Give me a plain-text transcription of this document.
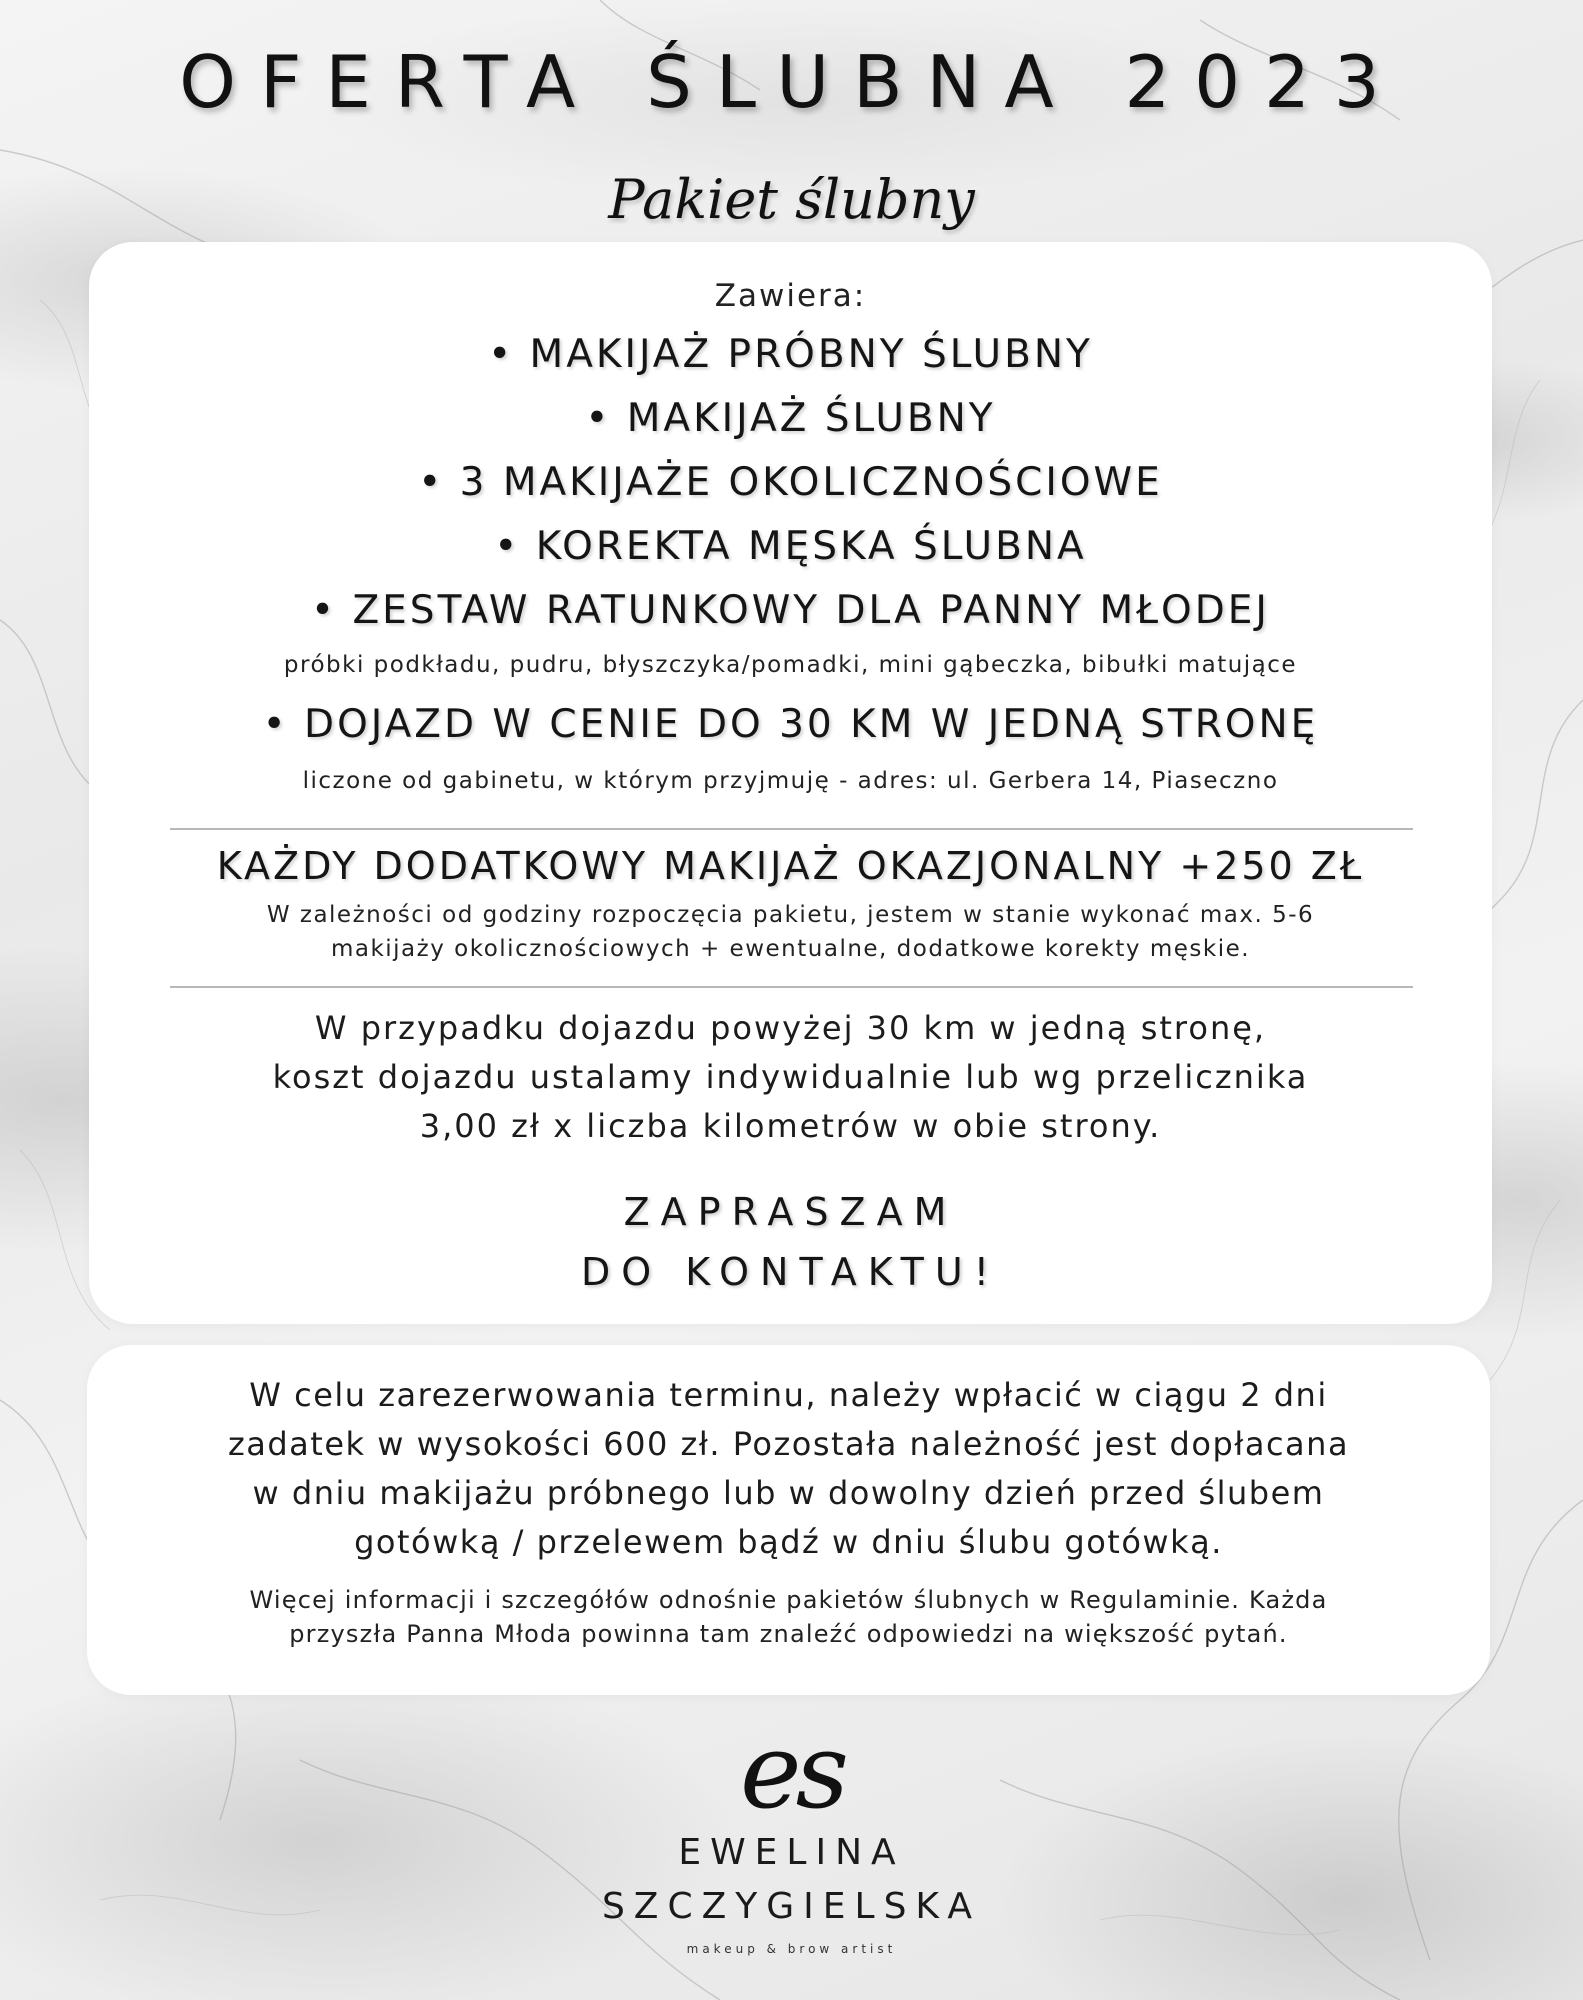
OFERTA ŚLUBNA 2023
Zawiera:
• MAKIJAŻ PRÓBNY ŚLUBNY
• MAKIJAŻ ŚLUBNY
• 3 MAKIJAŻE OKOLICZNOŚCIOWE
• KOREKTA MĘSKA ŚLUBNA
• ZESTAW RATUNKOWY DLA PANNY MŁODEJ
próbki podkładu, pudru, błyszczyka/pomadki, mini gąbeczka, bibułki matujące
• DOJAZD W CENIE DO 30 KM W JEDNĄ STRONĘ
liczone od gabinetu, w którym przyjmuję - adres: ul. Gerbera 14, Piaseczno
KAŻDY DODATKOWY MAKIJAŻ OKAZJONALNY +250 ZŁ
W zależności od godziny rozpoczęcia pakietu, jestem w stanie wykonać max. 5-6
makijaży okolicznościowych + ewentualne, dodatkowe korekty męskie.
W przypadku dojazdu powyżej 30 km w jedną stronę,
koszt dojazdu ustalamy indywidualnie lub wg przelicznika
3,00 zł x liczba kilometrów w obie strony.
ZAPRASZAM
DO KONTAKTU!
Pakiet ślubny
W celu zarezerwowania terminu, należy wpłacić w ciągu 2 dni
zadatek w wysokości 600 zł. Pozostała należność jest dopłacana
w dniu makijażu próbnego lub w dowolny dzień przed ślubem
gotówką / przelewem bądź w dniu ślubu gotówką.
Więcej informacji i szczegółów odnośnie pakietów ślubnych w Regulaminie. Każda
przyszła Panna Młoda powinna tam znaleźć odpowiedzi na większość pytań.
es
EWELINA
SZCZYGIELSKA
makeup & brow artist
